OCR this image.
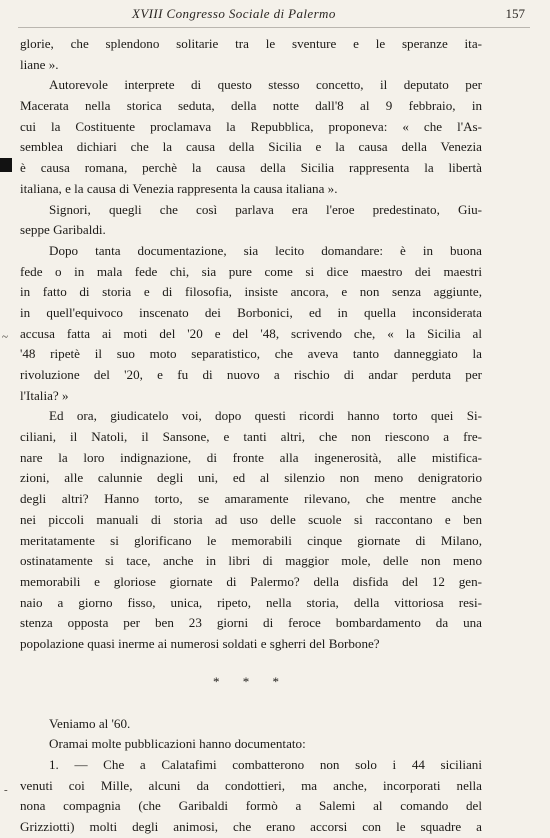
XVIII Congresso Sociale di Palermo	157
~
-
glorie, che splendono solitarie tra le sventure e le speranze ita-
liane ».
Autorevole interprete di questo stesso concetto, il deputato per
Macerata nella storica seduta, della notte dall'8 al 9 febbraio, in
cui la Costituente proclamava la Repubblica, proponeva: « che l'As-
semblea dichiari che la causa della Sicilia e la causa della Venezia
è causa romana, perchè la causa della Sicilia rappresenta la libertà
italiana, e la causa di Venezia rappresenta la causa italiana ».
Signori, quegli che così parlava era l'eroe predestinato, Giu-
seppe Garibaldi.
Dopo tanta documentazione, sia lecito domandare: è in buona
fede o in mala fede chi, sia pure come si dice maestro dei maestri
in fatto di storia e di filosofia, insiste ancora, e non senza aggiunte,
in quell'equivoco inscenato dei Borbonici, ed in quella inconsiderata
accusa fatta ai moti del '20 e del '48, scrivendo che, « la Sicilia al
'48 ripetè il suo moto separatistico, che aveva tanto danneggiato la
rivoluzione del '20, e fu di nuovo a rischio di andar perduta per
l'Italia? »
Ed ora, giudicatelo voi, dopo questi ricordi hanno torto quei Si-
ciliani, il Natoli, il Sansone, e tanti altri, che non riescono a fre-
nare la loro indignazione, di fronte alla ingenerosità, alle mistifica-
zioni, alle calunnie degli uni, ed al silenzio non meno denigratorio
degli altri? Hanno torto, se amaramente rilevano, che mentre anche
nei piccoli manuali di storia ad uso delle scuole si raccontano e ben
meritatamente si glorificano le memorabili cinque giornate di Milano,
ostinatamente si tace, anche in libri di maggior mole, delle non meno
memorabili e gloriose giornate di Palermo? della disfida del 12 gen-
naio a giorno fisso, unica, ripeto, nella storia, della vittoriosa resi-
stenza opposta per ben 23 giorni di feroce bombardamento da una
popolazione quasi inerme ai numerosi soldati e sgherri del Borbone?
* * *
Veniamo al '60.
Oramai molte pubblicazioni hanno documentato:
1. — Che a Calatafimi combatterono non solo i 44 siciliani
venuti coi Mille, alcuni da condottieri, ma anche, incorporati nella
nona compagnia (che Garibaldi formò a Salemi al comando del
Grizziotti) molti degli animosi, che erano accorsi con le squadre a
